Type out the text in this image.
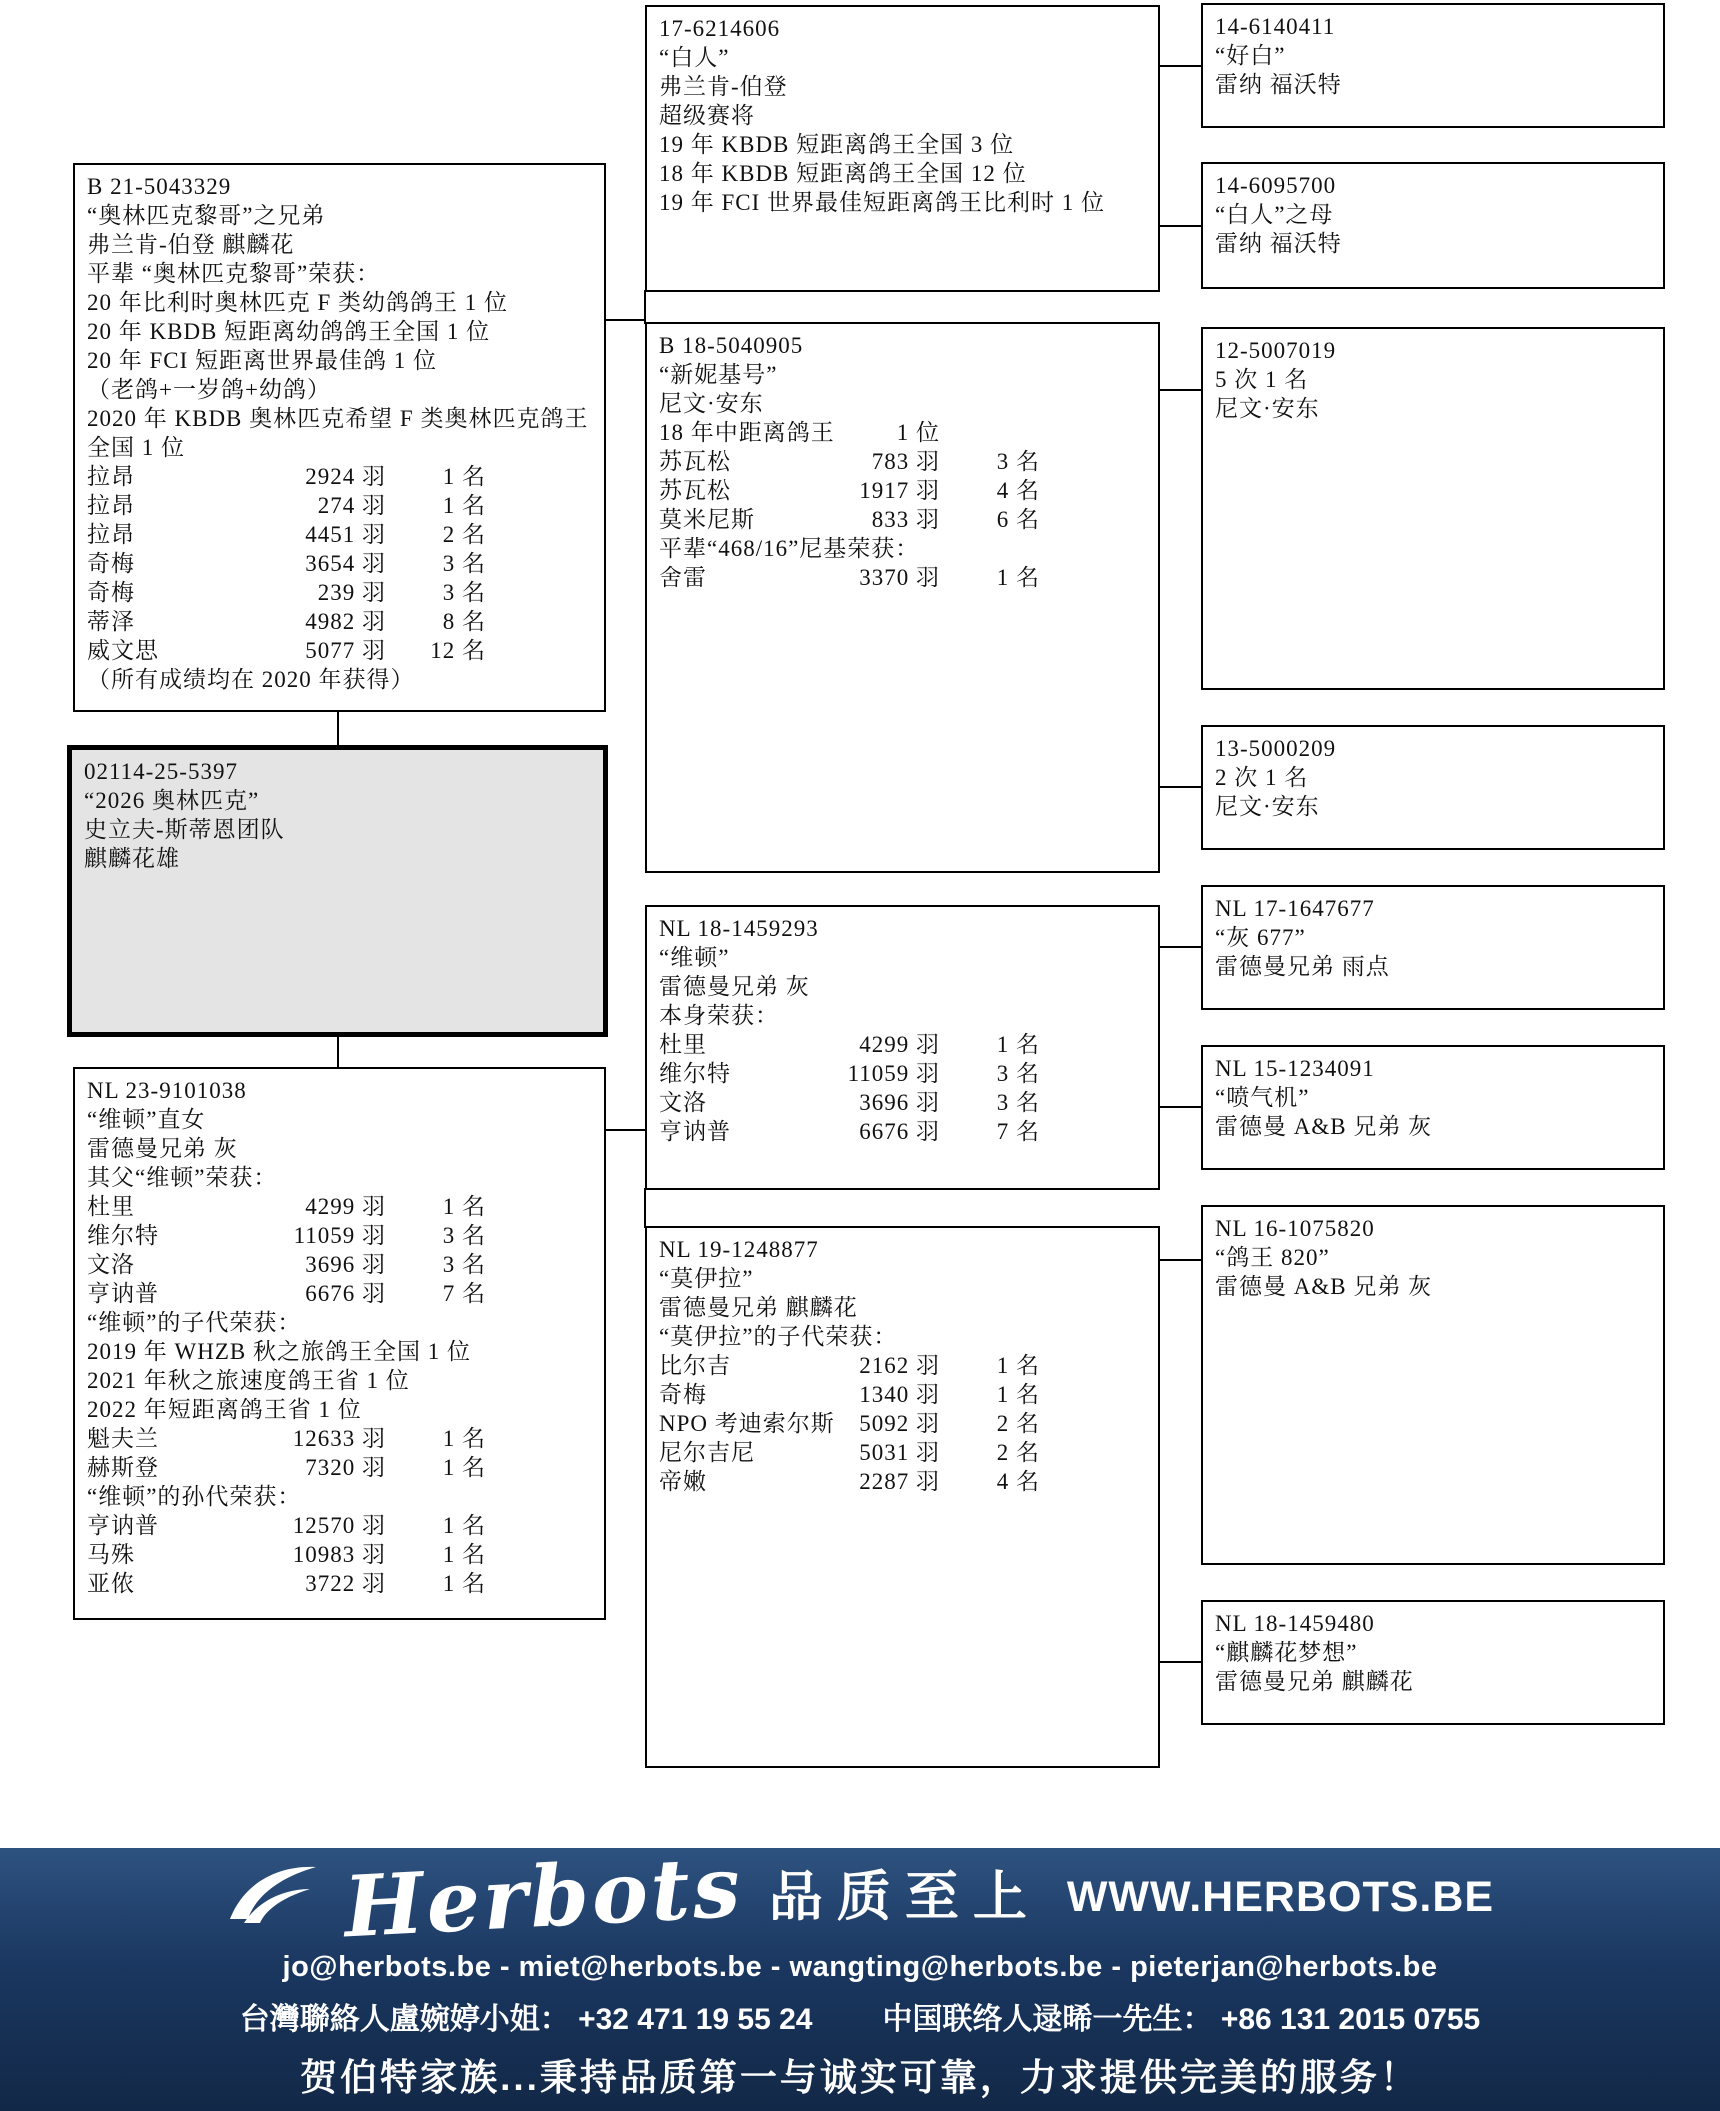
B 21-5043329
“奥林匹克黎哥”之兄弟
弗兰肯-伯登 麒麟花
平辈 “奥林匹克黎哥”荣获：
20 年比利时奥林匹克 F 类幼鸽鸽王 1 位
20 年 KBDB 短距离幼鸽鸽王全国 1 位
20 年 FCI 短距离世界最佳鸽 1 位
（老鸽+一岁鸽+幼鸽）
2020 年 KBDB 奥林匹克希望 F 类奥林匹克鸽王
全国 1 位
拉昂	2924 羽	1 名
拉昂	274 羽	1 名
拉昂	4451 羽	2 名
奇梅	3654 羽	3 名
奇梅	239 羽	3 名
蒂泽	4982 羽	8 名
威文思	5077 羽	12 名
（所有成绩均在 2020 年获得）
02114-25-5397
“2026 奥林匹克”
史立夫-斯蒂恩团队
麒麟花雄
NL 23-9101038
“维顿”直女
雷德曼兄弟 灰
其父“维顿”荣获：
杜里	4299 羽	1 名
维尔特	11059 羽	3 名
文洛	3696 羽	3 名
亨讷普	6676 羽	7 名
“维顿”的子代荣获：
2019 年 WHZB 秋之旅鸽王全国 1 位
2021 年秋之旅速度鸽王省 1 位
2022 年短距离鸽王省 1 位
魁夫兰	12633 羽	1 名
赫斯登	7320 羽	1 名
“维顿”的孙代荣获：
亨讷普	12570 羽	1 名
马殊	10983 羽	1 名
亚侬	3722 羽	1 名
17-6214606
“白人”
弗兰肯-伯登
超级赛将
19 年 KBDB 短距离鸽王全国 3 位
18 年 KBDB 短距离鸽王全国 12 位
19 年 FCI 世界最佳短距离鸽王比利时 1 位
B 18-5040905
“新妮基号”
尼文·安东
18 年中距离鸽王	1 位
苏瓦松	783 羽	3 名
苏瓦松	1917 羽	4 名
莫米尼斯	833 羽	6 名
平辈“468/16”尼基荣获：
舍雷	3370 羽	1 名
NL 18-1459293
“维顿”
雷德曼兄弟 灰
本身荣获：
杜里	4299 羽	1 名
维尔特	11059 羽	3 名
文洛	3696 羽	3 名
亨讷普	6676 羽	7 名
NL 19-1248877
“莫伊拉”
雷德曼兄弟 麒麟花
“莫伊拉”的子代荣获：
比尔吉	2162 羽	1 名
奇梅	1340 羽	1 名
NPO 考迪索尔斯	5092 羽	2 名
尼尔吉尼	5031 羽	2 名
帝嫩	2287 羽	4 名
14-6140411
“好白”
雷纳 福沃特
14-6095700
“白人”之母
雷纳 福沃特
12-5007019
5 次 1 名
尼文·安东
13-5000209
2 次 1 名
尼文·安东
NL 17-1647677
“灰 677”
雷德曼兄弟 雨点
NL 15-1234091
“喷气机”
雷德曼 A&B 兄弟 灰
NL 16-1075820
“鸽王 820”
雷德曼 A&B 兄弟 灰
NL 18-1459480
“麒麟花梦想”
雷德曼兄弟 麒麟花
Herbots 品质至上 WWW.HERBOTS.BE
jo@herbots.be - miet@herbots.be - wangting@herbots.be - pieterjan@herbots.be
台灣聯絡人盧婉婷小姐： +32 471 19 55 24 中国联络人逯晞一先生： +86 131 2015 0755
贺伯特家族...秉持品质第一与诚实可靠，力求提供完美的服务！
